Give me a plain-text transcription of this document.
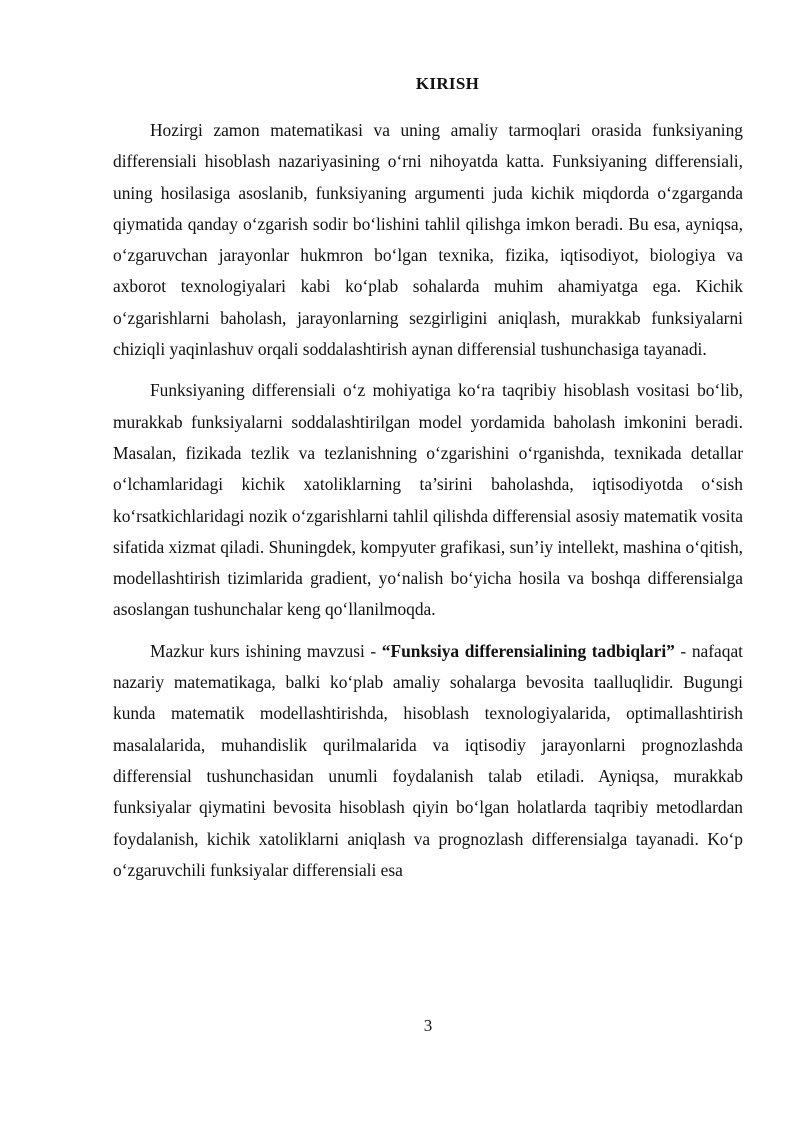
KIRISH

Hozirgi zamon matematikasi va uning amaliy tarmoqlari orasida funksiyaning differensiali hisoblash nazariyasining o‘rni nihoyatda katta. Funksiyaning differensiali, uning hosilasiga asoslanib, funksiyaning argumenti juda kichik miqdorda o‘zgarganda qiymatida qanday o‘zgarish sodir bo‘lishini tahlil qilishga imkon beradi. Bu esa, ayniqsa, o‘zgaruvchan jarayonlar hukmron bo‘lgan texnika, fizika, iqtisodiyot, biologiya va axborot texnologiyalari kabi ko‘plab sohalarda muhim ahamiyatga ega. Kichik o‘zgarishlarni baholash, jarayonlarning sezgirligini aniqlash, murakkab funksiyalarni chiziqli yaqinlashuv orqali soddalashtirish aynan differensial tushunchasiga tayanadi.

Funksiyaning differensiali o‘z mohiyatiga ko‘ra taqribiy hisoblash vositasi bo‘lib, murakkab funksiyalarni soddalashtirilgan model yordamida baholash imkonini beradi. Masalan, fizikada tezlik va tezlanishning o‘zgarishini o‘rganishda, texnikada detallar o‘lchamlaridagi kichik xatoliklarning ta’sirini baholashda, iqtisodiyotda o‘sish ko‘rsatkichlaridagi nozik o‘zgarishlarni tahlil qilishda differensial asosiy matematik vosita sifatida xizmat qiladi. Shuningdek, kompyuter grafikasi, sun’iy intellekt, mashina o‘qitish, modellashtirish tizimlarida gradient, yo‘nalish bo‘yicha hosila va boshqa differensialga asoslangan tushunchalar keng qo‘llanilmoqda.

Mazkur kurs ishining mavzusi - “Funksiya differensialining tadbiqlari” - nafaqat nazariy matematikaga, balki ko‘plab amaliy sohalarga bevosita taalluqlidir. Bugungi kunda matematik modellashtirishda, hisoblash texnologiyalarida, optimallashtirish masalalarida, muhandislik qurilmalarida va iqtisodiy jarayonlarni prognozlashda differensial tushunchasidan unumli foydalanish talab etiladi. Ayniqsa, murakkab funksiyalar qiymatini bevosita hisoblash qiyin bo‘lgan holatlarda taqribiy metodlardan foydalanish, kichik xatoliklarni aniqlash va prognozlash differensialga tayanadi. Ko‘p o‘zgaruvchili funksiyalar differensiali esa

3
